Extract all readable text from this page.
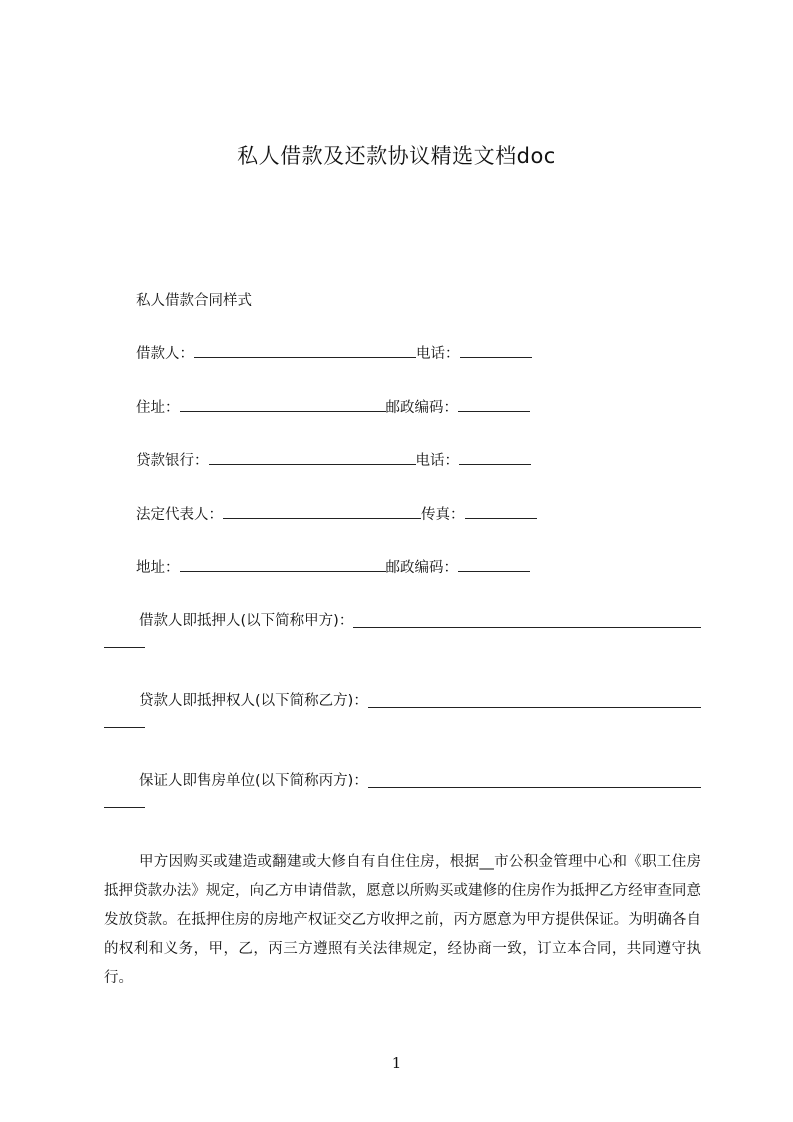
私人借款及还款协议精选文档doc
私人借款合同样式
借款人：	电话：
住址：	邮政编码：
贷款银行：	电话：
法定代表人：	传真：
地址：	邮政编码：
借款人即抵押人(以下简称甲方)：
贷款人即抵押权人(以下简称乙方)：
保证人即售房单位(以下简称丙方)：
甲方因购买或建造或翻建或大修自有自住住房，根据__市公积金管理中心和《职工住房抵押贷款办法》规定，向乙方申请借款，愿意以所购买或建修的住房作为抵押乙方经审查同意发放贷款。在抵押住房的房地产权证交乙方收押之前，丙方愿意为甲方提供保证。为明确各自的权利和义务，甲，乙，丙三方遵照有关法律规定，经协商一致，订立本合同，共同遵守执行。
1
